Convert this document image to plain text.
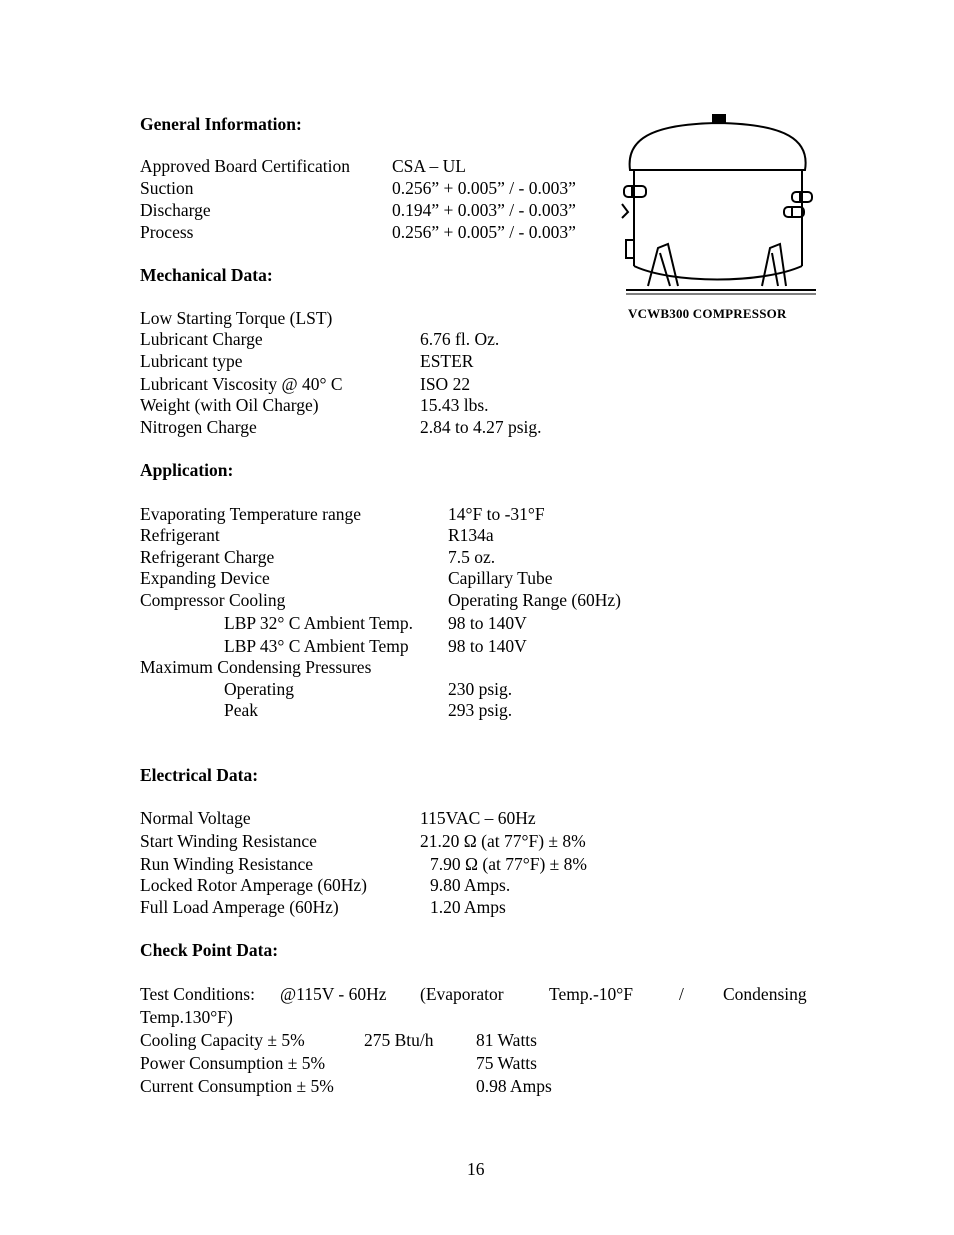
General Information:
Approved Board Certification CSA – UL
Suction	0.256” + 0.005” / - 0.003”
Discharge	0.194” + 0.003” / - 0.003”
Process	0.256” + 0.005” / - 0.003”
VCWB300 COMPRESSOR
Mechanical Data:
Low Starting Torque (LST)
Lubricant Charge	6.76 fl. Oz.
Lubricant type	ESTER
Lubricant Viscosity @ 40° C	ISO 22
Weight (with Oil Charge)	15.43 lbs.
Nitrogen Charge	2.84 to 4.27 psig.
Application:
Evaporating Temperature range	14°F to -31°F
Refrigerant	R134a
Refrigerant Charge	7.5 oz.
Expanding Device	Capillary Tube
Compressor Cooling	Operating Range (60Hz)
LBP 32° C Ambient Temp. 98 to 140V
LBP 43° C Ambient Temp 98 to 140V
Maximum Condensing Pressures
Operating	230 psig.
Peak	293 psig.
Electrical Data:
Normal Voltage	115VAC – 60Hz
Start Winding Resistance	21.20 Ω (at 77°F) ± 8%
Run Winding Resistance	7.90 Ω (at 77°F) ± 8%
Locked Rotor Amperage (60Hz)	9.80 Amps.
Full Load Amperage (60Hz)	1.20 Amps
Check Point Data:
Test Conditions: @115V - 60Hz (Evaporator	Temp.-10°F	/ Condensing
Temp.130°F)
Cooling Capacity ± 5%	275 Btu/h 81 Watts
Power Consumption ± 5%	75 Watts
Current Consumption ± 5%	0.98 Amps
16
